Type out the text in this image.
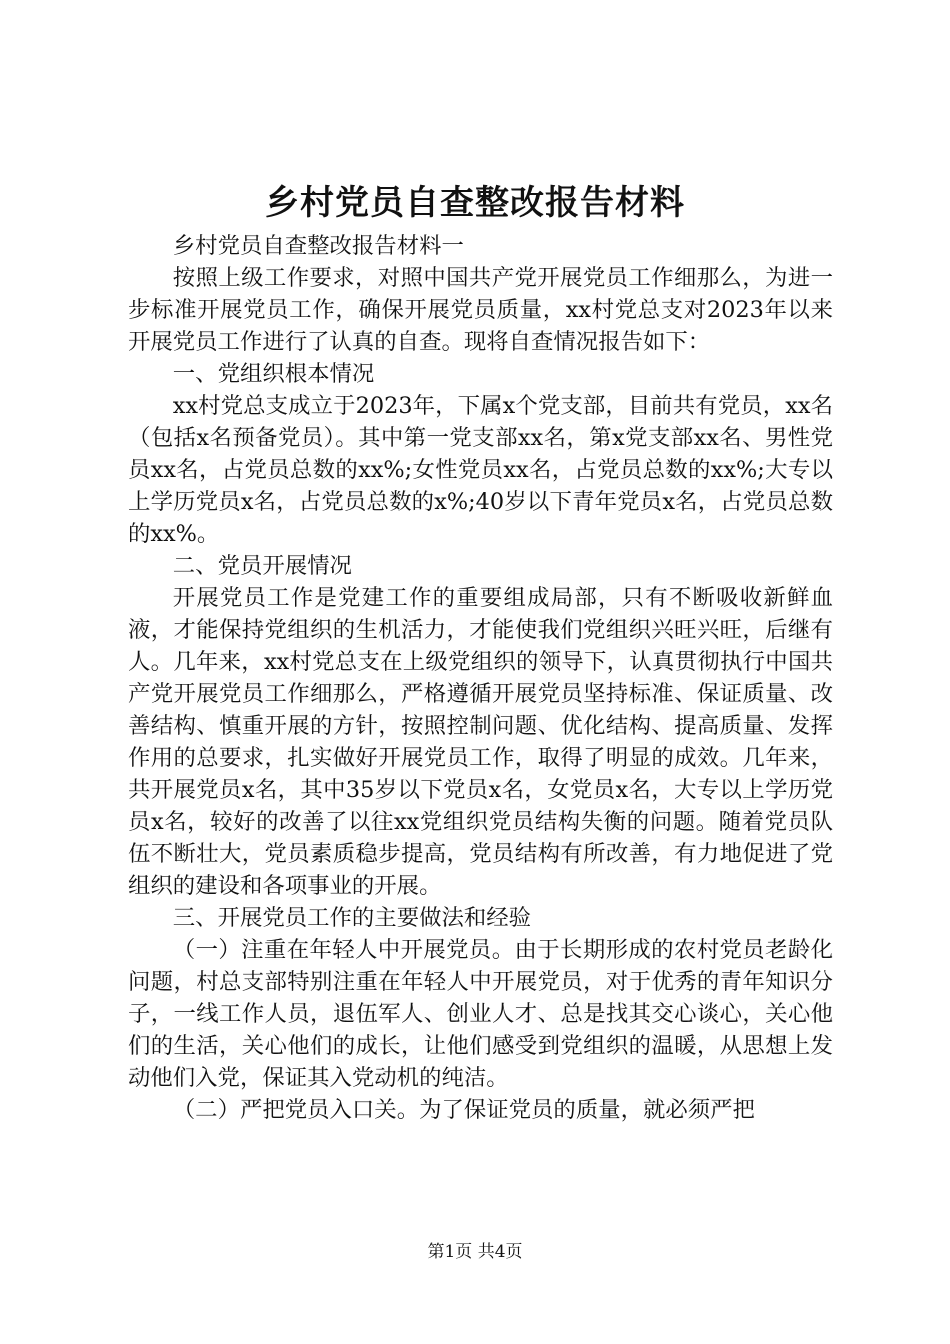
乡村党员自查整改报告材料

乡村党员自查整改报告材料一

按照上级工作要求，对照中国共产党开展党员工作细那么，为进一步标准开展党员工作，确保开展党员质量，xx村党总支对2023年以来开展党员工作进行了认真的自查。现将自查情况报告如下：

一、党组织根本情况

xx村党总支成立于2023年，下属x个党支部，目前共有党员，xx名（包括x名预备党员）。其中第一党支部xx名，第x党支部xx名、男性党员xx名，占党员总数的xx%;女性党员xx名，占党员总数的xx%;大专以上学历党员x名，占党员总数的x%;40岁以下青年党员x名，占党员总数的xx%。

二、党员开展情况

开展党员工作是党建工作的重要组成局部，只有不断吸收新鲜血液，才能保持党组织的生机活力，才能使我们党组织兴旺兴旺，后继有人。几年来，xx村党总支在上级党组织的领导下，认真贯彻执行中国共产党开展党员工作细那么，严格遵循开展党员坚持标准、保证质量、改善结构、慎重开展的方针，按照控制问题、优化结构、提高质量、发挥作用的总要求，扎实做好开展党员工作，取得了明显的成效。几年来，共开展党员x名，其中35岁以下党员x名，女党员x名，大专以上学历党员x名，较好的改善了以往xx党组织党员结构失衡的问题。随着党员队伍不断壮大，党员素质稳步提高，党员结构有所改善，有力地促进了党组织的建设和各项事业的开展。

三、开展党员工作的主要做法和经验

（一）注重在年轻人中开展党员。由于长期形成的农村党员老龄化问题，村总支部特别注重在年轻人中开展党员，对于优秀的青年知识分子，一线工作人员，退伍军人、创业人才、总是找其交心谈心，关心他们的生活，关心他们的成长，让他们感受到党组织的温暖，从思想上发动他们入党，保证其入党动机的纯洁。

（二）严把党员入口关。为了保证党员的质量，就必须严把

第1页 共4页
